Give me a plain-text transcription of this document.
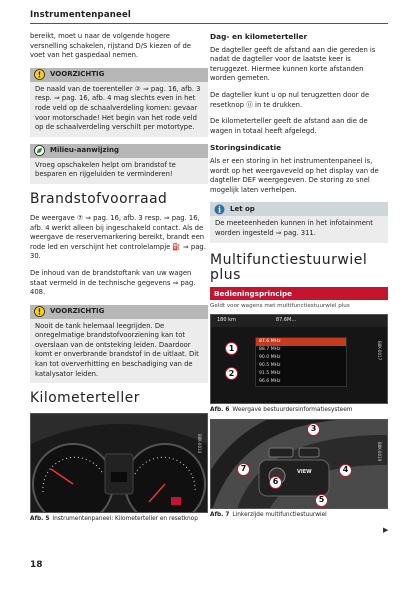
Instrumentenpaneel

bereikt, moet u naar de volgende hogere versnelling schakelen, rijstand D/S kiezen of de voet van het gaspedaal nemen.

! VOORZICHTIG
De naald van de toerenteller ② ⇒ pag. 16, afb. 3 resp. ⇒ pag. 16, afb. 4 mag slechts even in het rode veld op de schaalverdeling komen: gevaar voor motorschade! Het begin van het rode veld op de schaalverdeling verschilt per motortype.
Milieu-aanwijzing
Vroeg opschakelen helpt om brandstof te besparen en rijgeluiden te verminderen!
Brandstofvoorraad

De weergave ⑦ ⇒ pag. 16, afb. 3 resp. ⇒ pag. 16, afb. 4 werkt alleen bij ingeschakeld contact. Als de weergave de reservemarkering bereikt, brandt een rode led en verschijnt het controlelampje ⛽ ⇒ pag. 30.

De inhoud van de brandstoftank van uw wagen staat vermeld in de technische gegevens ⇒ pag. 408.

! VOORZICHTIG
Nooit de tank helemaal leegrijden. De onregelmatige brandstofvoorziening kan tot overslaan van de ontsteking leiden. Daardoor komt er onverbrande brandstof in de uitlaat. Dit kan tot oververhitting en beschadiging van de katalysator leiden.
Kilometerteller
B8K-0014
Afb. 5 Instrumentenpaneel: Kilometerteller en resetknop
Dag- en kilometerteller

De dagteller geeft de afstand aan die gereden is nadat de dagteller voor de laatste keer is teruggezet. Hiermee kunnen korte afstanden worden gemeten.

De dagteller kunt u op nul terugzetten door de resetknop ⓪ in te drukken.

De kilometerteller geeft de afstand aan die de wagen in totaal heeft afgelegd.

Storingsindicatie

Als er een storing in het instrumentenpaneel is, wordt op het weergaveveld op het display van de dagteller DEF weergegeven. De storing zo snel mogelijk laten verhelpen.

i Let op
De meeteenheden kunnen in het infotainment worden ingesteld ⇒ pag. 311.
Multifunctiestuurwiel plus
Bedieningsprincipe
Geldt voor wagens met multifunctiestuurwiel plus
180 km	87.6M...
87.6 MHz
88.7 MHz
90.0 MHz
90.5 MHz
91.5 MHz
96.6 MHz
1
2
B8K-0017
Afb. 6 Weergave bestuurdersinformatiesysteem
VIEW
3
4
5
6
7
B8K-0019
Afb. 7 Linkerzijde multifunctiestuurwiel
▶
18
